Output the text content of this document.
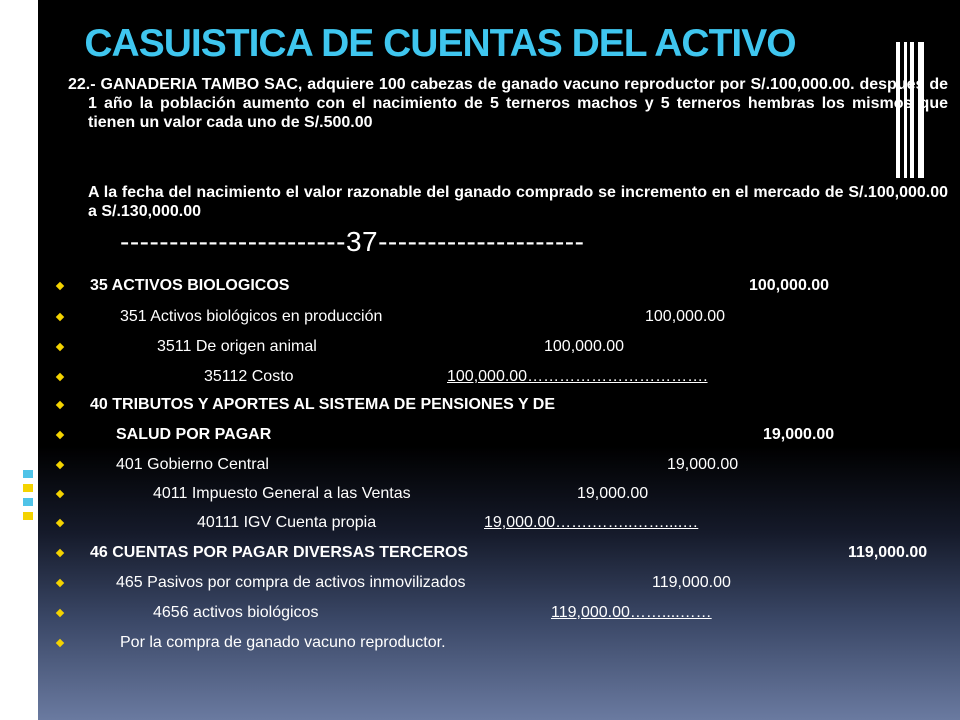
CASUISTICA DE CUENTAS DEL ACTIVO

22.- GANADERIA TAMBO SAC, adquiere 100 cabezas de ganado vacuno reproductor por S/.100,000.00. después de 1 año la población aumento con el nacimiento de 5 terneros machos y 5 terneros hembras los mismos que tienen un valor cada uno de S/.500.00

A la fecha del nacimiento el valor razonable del ganado comprado se incremento en el mercado de S/.100,000.00 a S/.130,000.00

-----------------------37---------------------
35 ACTIVOS BIOLOGICOS	100,000.00
351 Activos biológicos en producción	100,000.00
3511 De origen animal	100,000.00
35112 Costo	100,000.00…………………………….
40 TRIBUTOS Y APORTES AL SISTEMA DE PENSIONES Y DE
SALUD POR PAGAR	19,000.00
401 Gobierno Central	19,000.00
4011 Impuesto General a las Ventas	19,000.00
40111 IGV Cuenta propia	19,000.00…….……..……....…
46 CUENTAS POR PAGAR DIVERSAS TERCEROS	119,000.00
465 Pasivos por compra de activos inmovilizados	119,000.00
4656 activos biológicos	119,000.00……....……
Por la compra de ganado vacuno reproductor.
